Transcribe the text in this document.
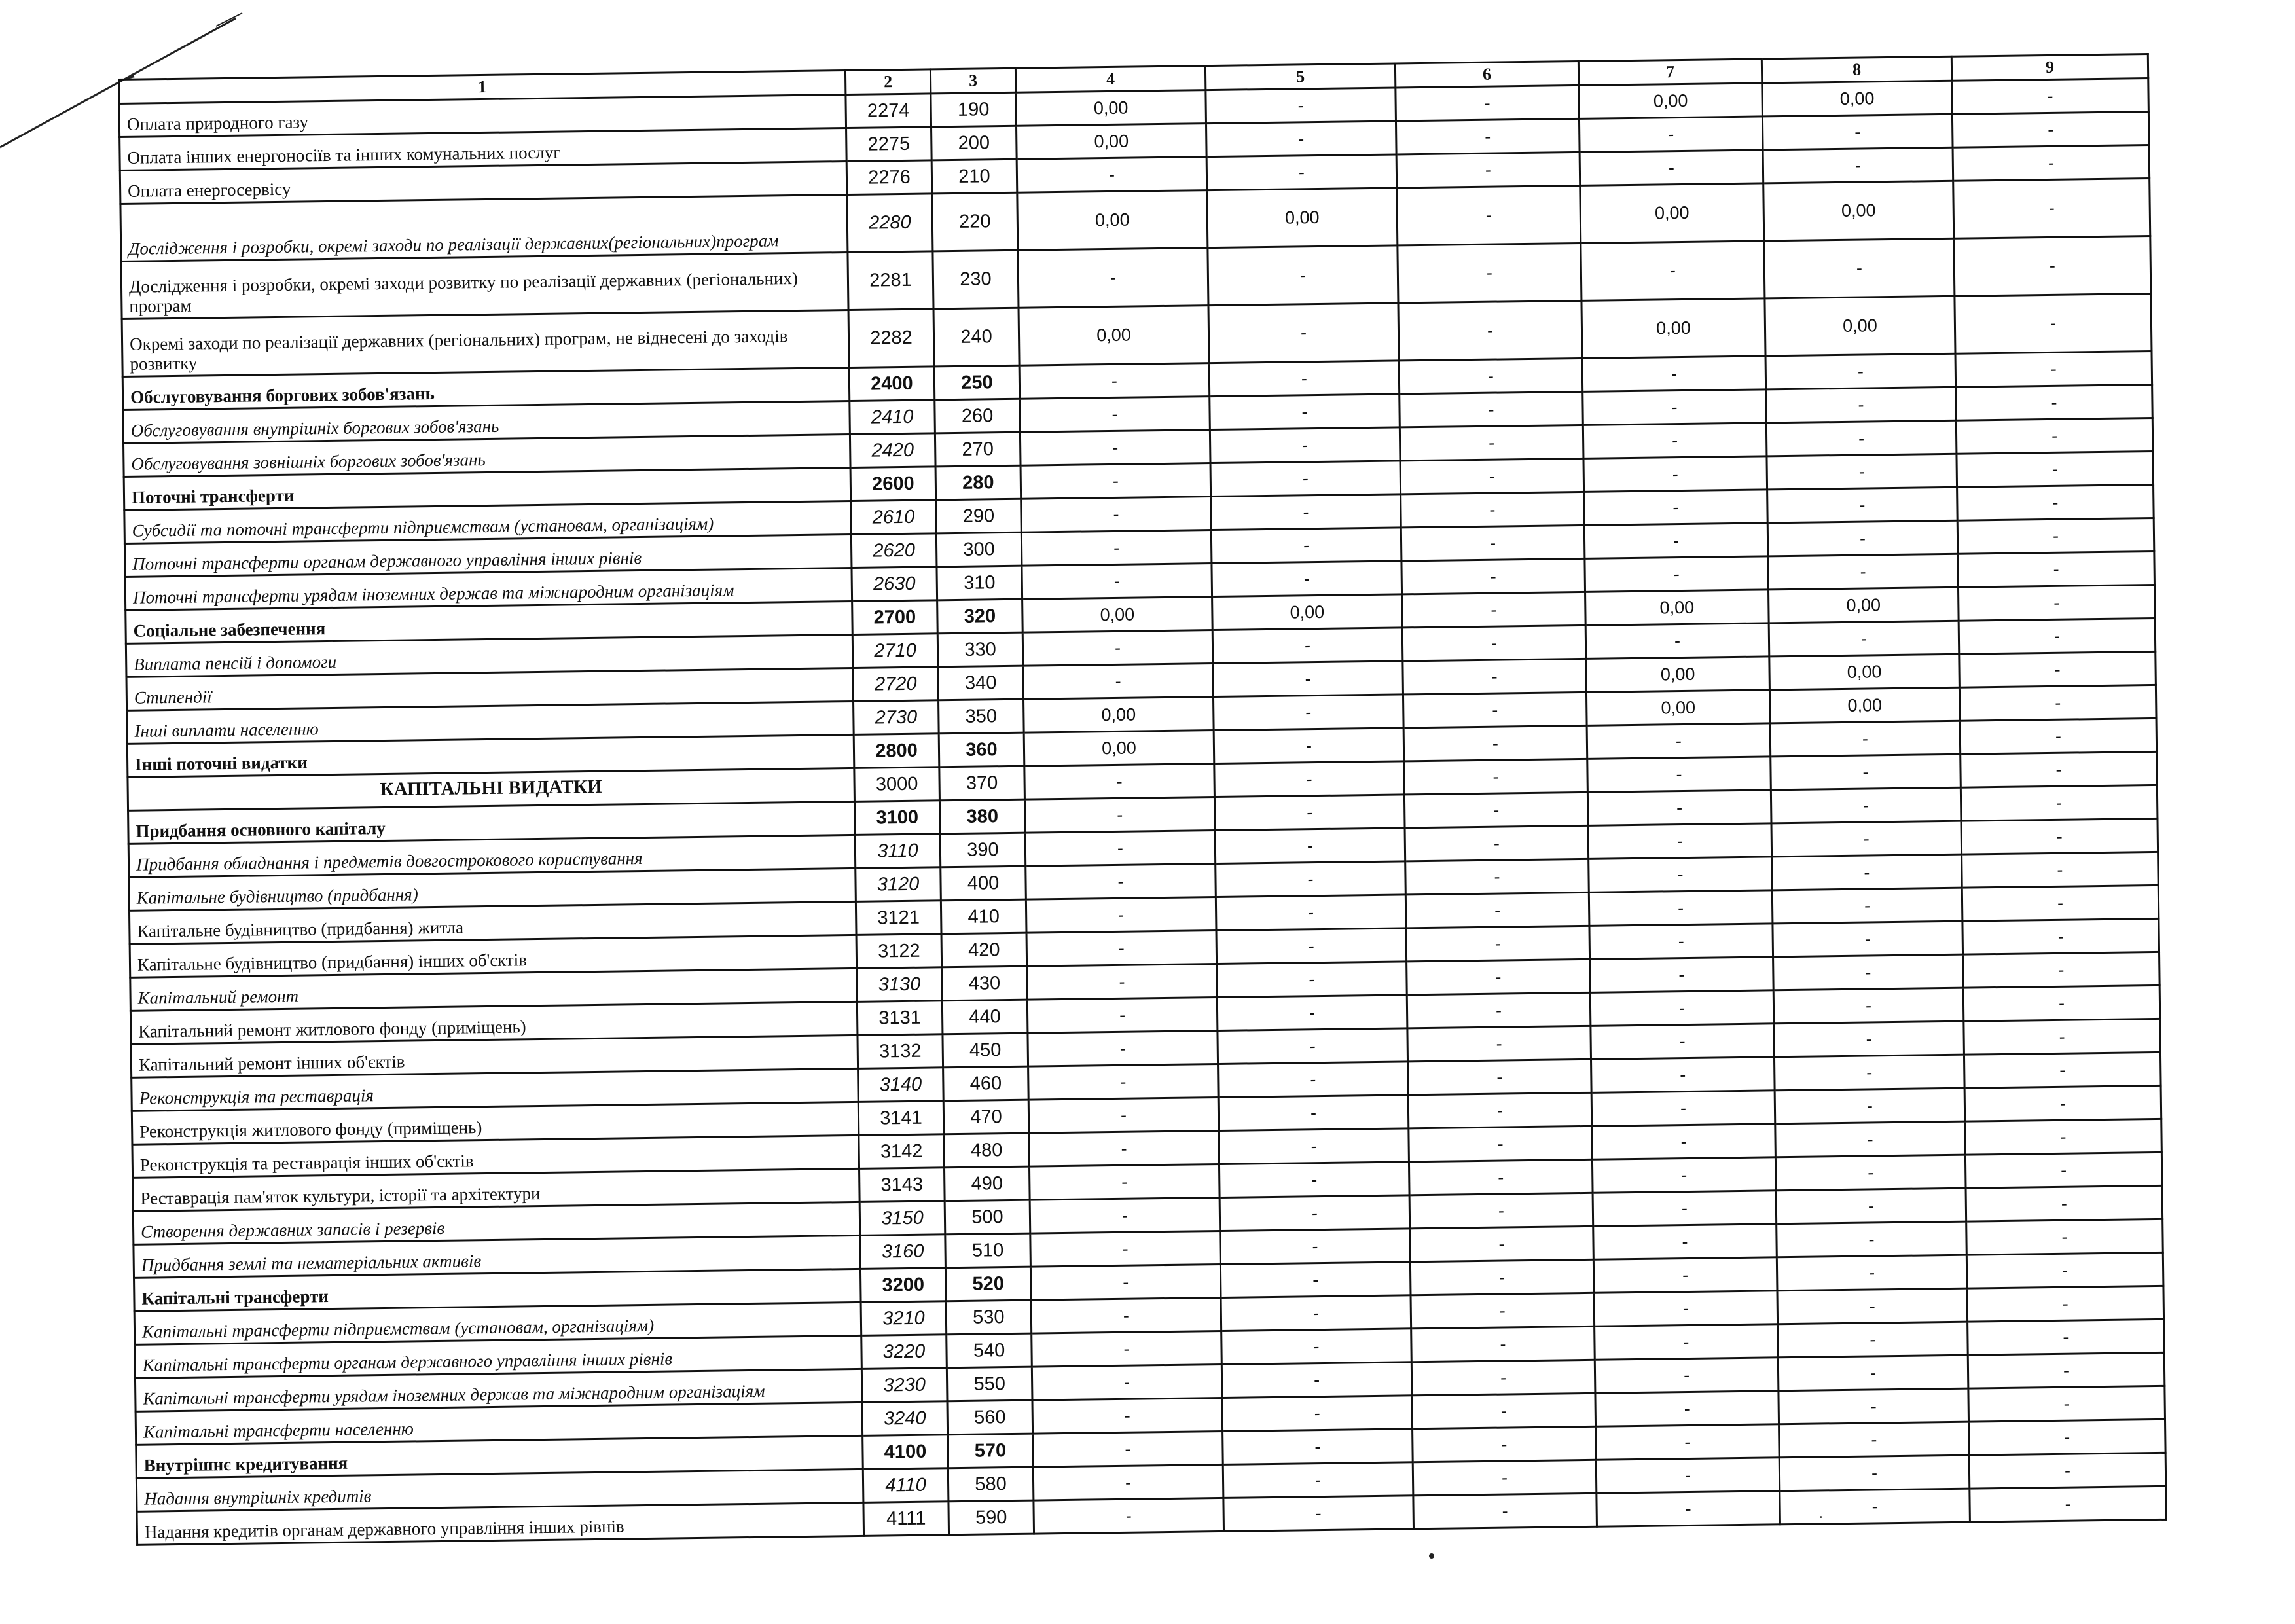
1	2	3	4	5	6	7	8	9
Оплата природного газу	2274	190	0,00	-	-	0,00	0,00	-
Оплата інших енергоносіїв та інших комунальних послуг	2275	200	0,00	-	-	-	-	-
Оплата енергосервісу	2276	210	-	-	-	-	-	-
Дослідження і розробки, окремі заходи по реалізації державних(регіональних)програм	2280	220	0,00	0,00	-	0,00	0,00	-
Дослідження і розробки, окремі заходи розвитку по реалізації державних (регіональних) програм	2281	230	-	-	-	-	-	-
Окремі заходи по реалізації державних (регіональних) програм, не віднесені до заходів розвитку	2282	240	0,00	-	-	0,00	0,00	-
Обслуговування боргових зобов'язань	2400	250	-	-	-	-	-	-
Обслуговування внутрішніх боргових зобов'язань	2410	260	-	-	-	-	-	-
Обслуговування зовнішніх боргових зобов'язань	2420	270	-	-	-	-	-	-
Поточні трансферти	2600	280	-	-	-	-	-	-
Субсидії та поточні трансферти підприємствам (установам, організаціям)	2610	290	-	-	-	-	-	-
Поточні трансферти органам державного управління інших рівнів	2620	300	-	-	-	-	-	-
Поточні трансферти урядам іноземних держав та міжнародним організаціям	2630	310	-	-	-	-	-	-
Соціальне забезпечення	2700	320	0,00	0,00	-	0,00	0,00	-
Виплата пенсій і допомоги	2710	330	-	-	-	-	-	-
Стипендії	2720	340	-	-	-	0,00	0,00	-
Інші виплати населенню	2730	350	0,00	-	-	0,00	0,00	-
Інші поточні видатки	2800	360	0,00	-	-	-	-	-
КАПІТАЛЬНІ ВИДАТКИ	3000	370	-	-	-	-	-	-
Придбання основного капіталу	3100	380	-	-	-	-	-	-
Придбання обладнання і предметів довгострокового користування	3110	390	-	-	-	-	-	-
Капітальне будівництво (придбання)	3120	400	-	-	-	-	-	-
Капітальне будівництво (придбання) житла	3121	410	-	-	-	-	-	-
Капітальне будівництво (придбання) інших об'єктів	3122	420	-	-	-	-	-	-
Капітальний ремонт	3130	430	-	-	-	-	-	-
Капітальний ремонт житлового фонду (приміщень)	3131	440	-	-	-	-	-	-
Капітальний ремонт інших об'єктів	3132	450	-	-	-	-	-	-
Реконструкція та реставрація	3140	460	-	-	-	-	-	-
Реконструкція житлового фонду (приміщень)	3141	470	-	-	-	-	-	-
Реконструкція та реставрація інших об'єктів	3142	480	-	-	-	-	-	-
Реставрація пам'яток культури, історії та архітектури	3143	490	-	-	-	-	-	-
Створення державних запасів і резервів	3150	500	-	-	-	-	-	-
Придбання землі та нематеріальних активів	3160	510	-	-	-	-	-	-
Капітальні трансферти	3200	520	-	-	-	-	-	-
Капітальні трансферти підприємствам (установам, організаціям)	3210	530	-	-	-	-	-	-
Капітальні трансферти органам державного управління інших рівнів	3220	540	-	-	-	-	-	-
Капітальні трансферти урядам іноземних держав та міжнародним організаціям	3230	550	-	-	-	-	-	-
Капітальні трансферти населенню	3240	560	-	-	-	-	-	-
Внутрішнє кредитування	4100	570	-	-	-	-	-	-
Надання внутрішніх кредитів	4110	580	-	-	-	-	-	-
Надання кредитів органам державного управління інших рівнів	4111	590	-	-	-	-	-	-
.
